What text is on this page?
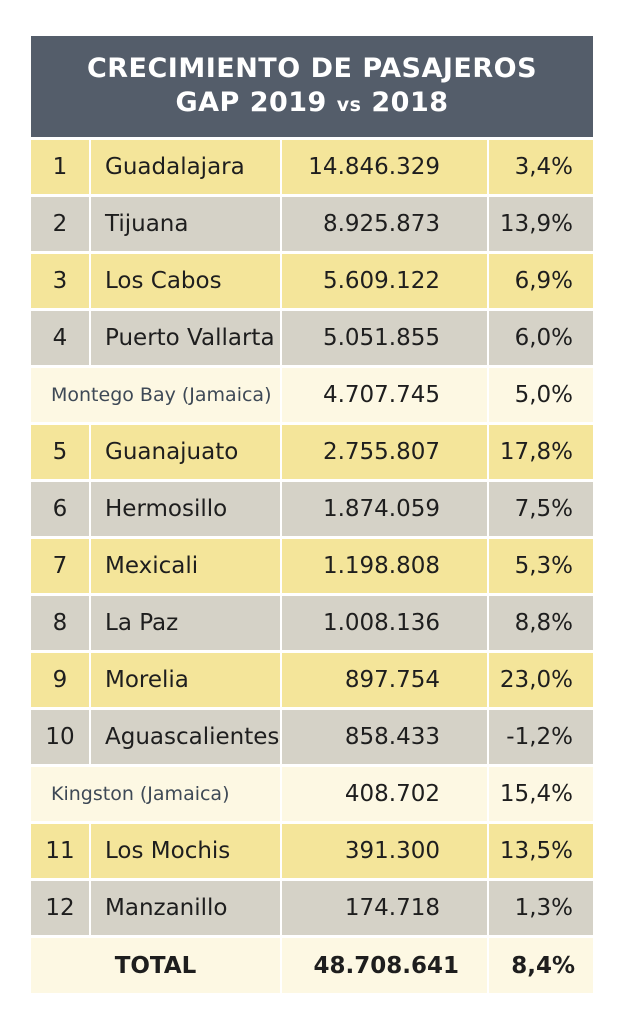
CRECIMIENTO DE PASAJEROS
GAP 2019 vs 2018
1	Guadalajara	14.846.329	3,4%
2	Tijuana	8.925.873	13,9%
3	Los Cabos	5.609.122	6,9%
4	Puerto Vallarta	5.051.855	6,0%
Montego Bay (Jamaica)	4.707.745	5,0%
5	Guanajuato	2.755.807	17,8%
6	Hermosillo	1.874.059	7,5%
7	Mexicali	1.198.808	5,3%
8	La Paz	1.008.136	8,8%
9	Morelia	897.754	23,0%
10	Aguascalientes	858.433	-1,2%
Kingston (Jamaica)	408.702	15,4%
11	Los Mochis	391.300	13,5%
12	Manzanillo	174.718	1,3%
TOTAL	48.708.641	8,4%
